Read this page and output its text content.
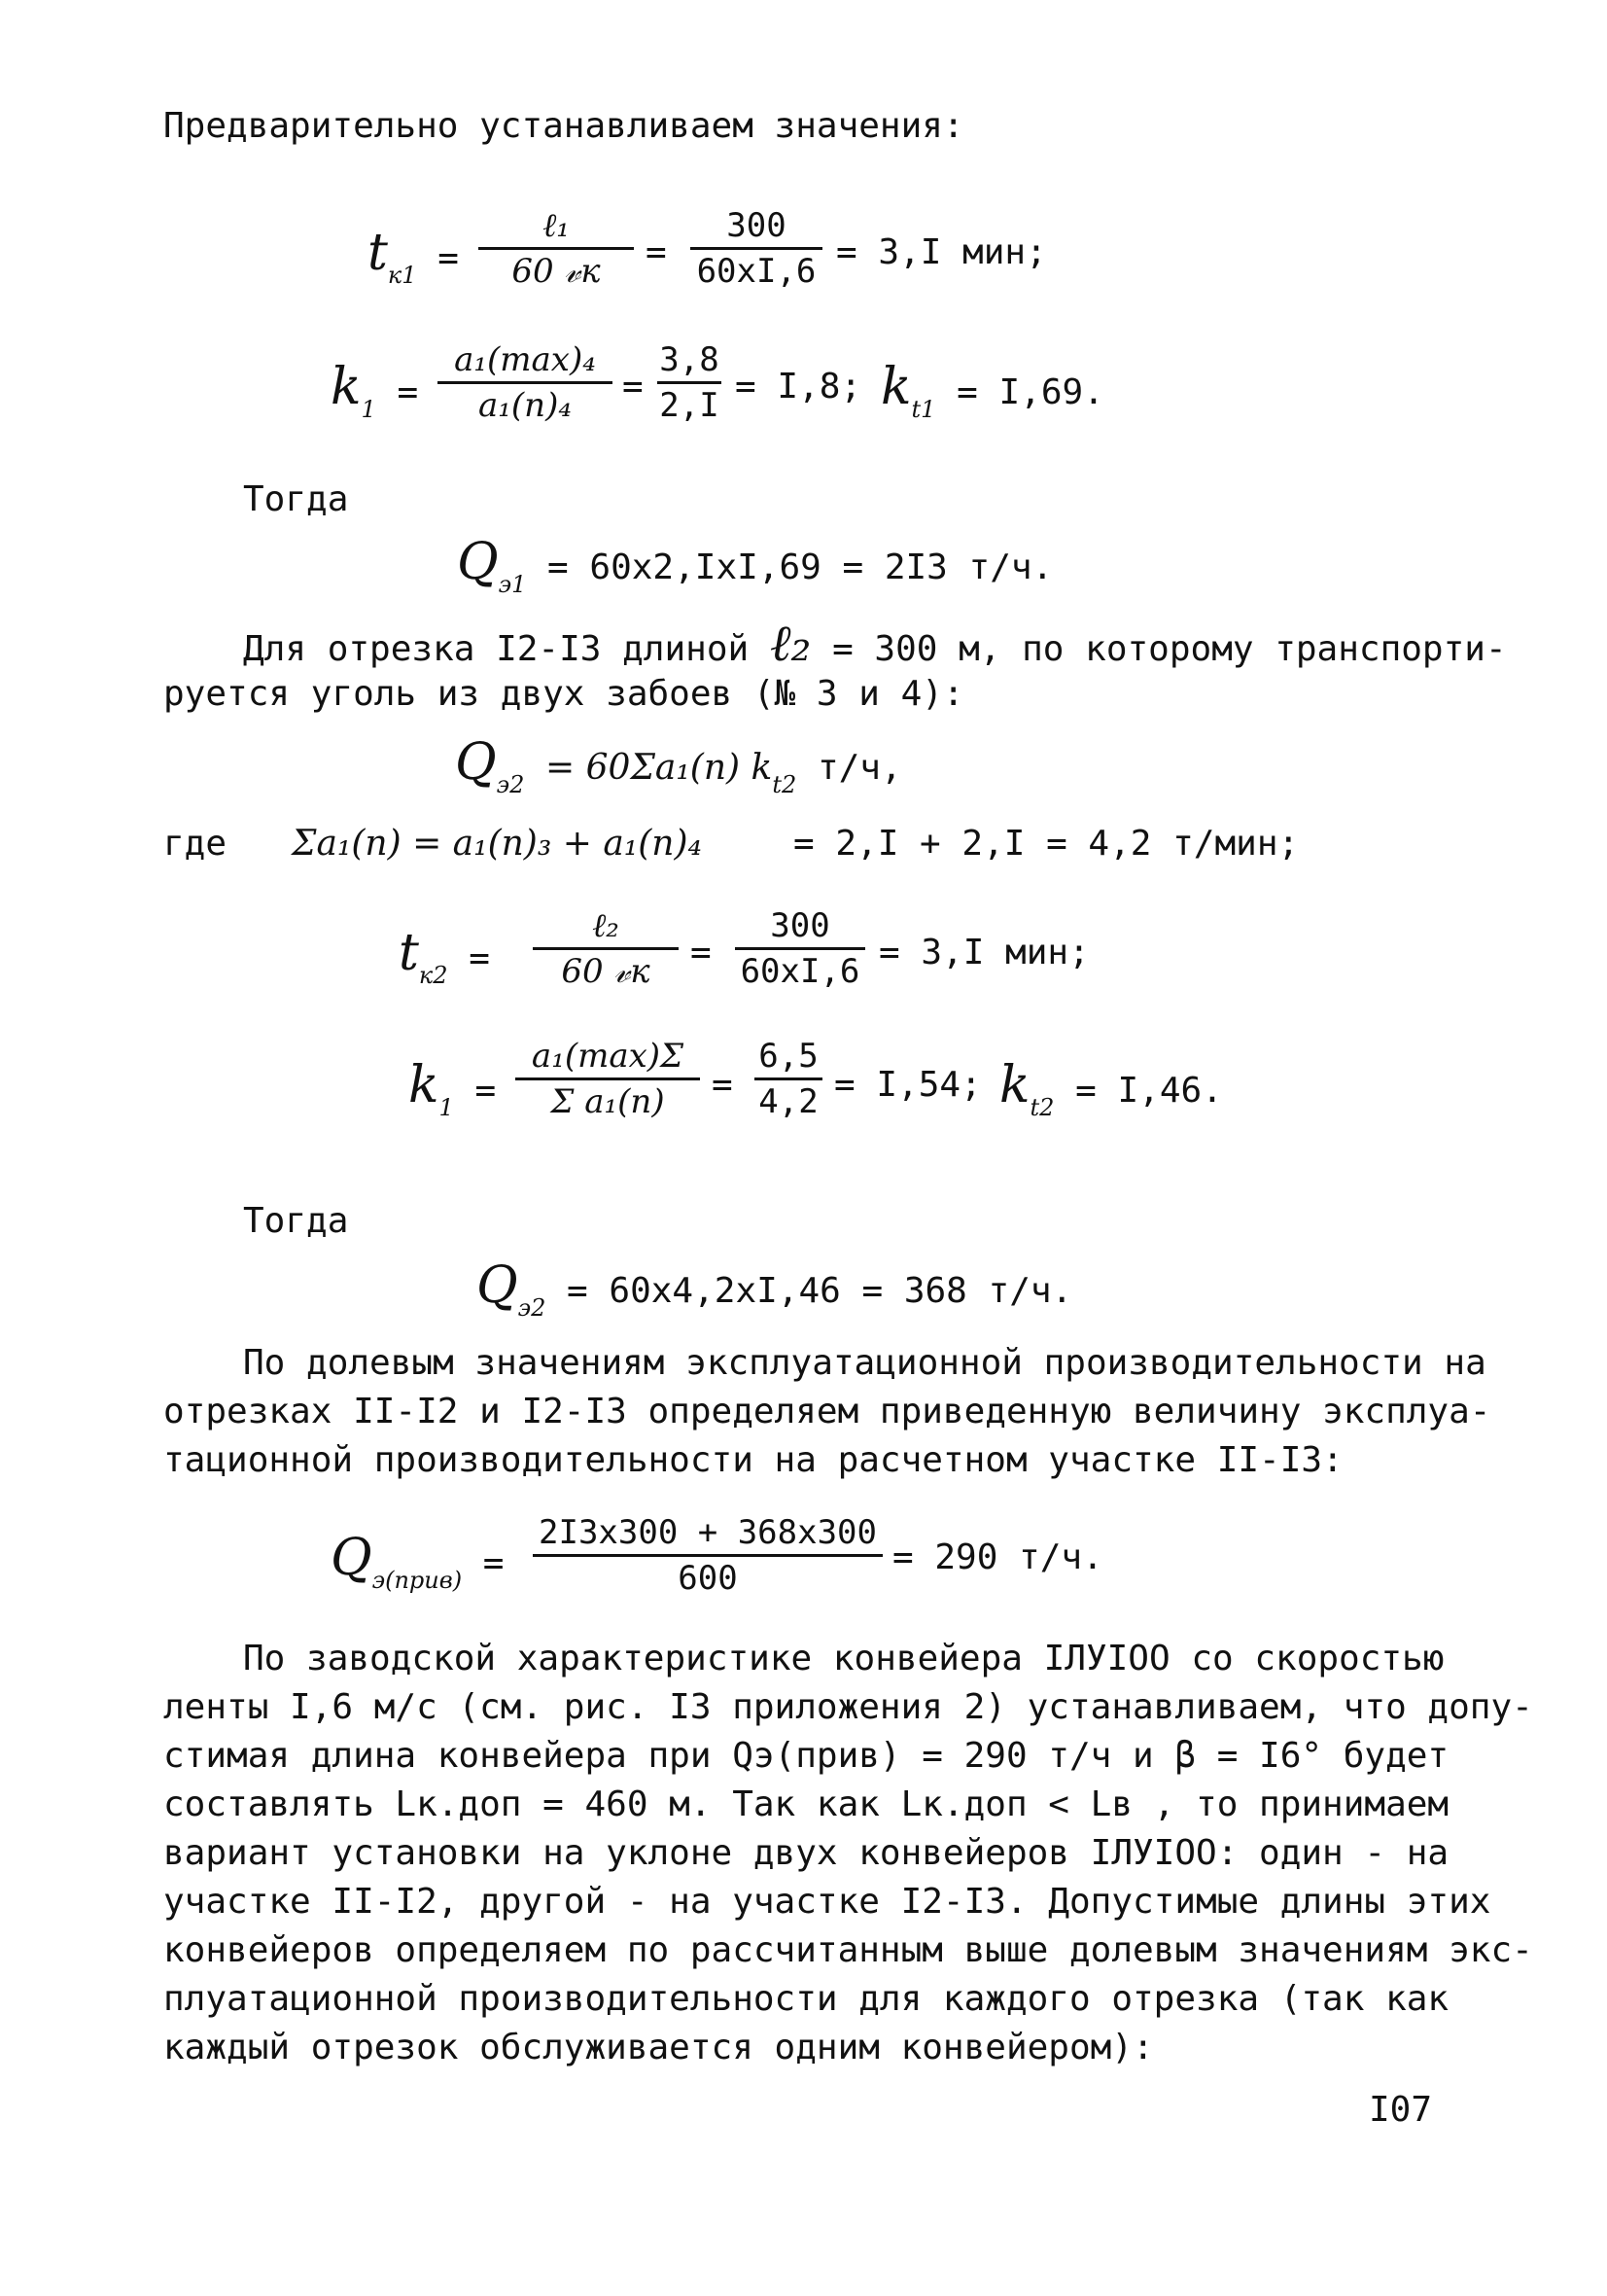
Предварительно устанавливаем значения:
$t_{к1}$ =
ℓ₁
60 𝓋к	=
300
60xI,6 = 3,I мин;
$k_1$ =
a₁(max)₄
a₁(п)₄	=
3,8
2,I = I,8; $k_{t1} = I,69$.
Тогда
$Q_{э1} = 60x2,IxI,69 = 2I3$ т/ч.
Для отрезка I2-I3 длиной ℓ₂ = 300 м, по которому транспорти-
руется уголь из двух забоев (№ 3 и 4):
$Q_{э2} = 60\Sigma a_1(п)$ $k_{t2}$ т/ч,
где Σa₁(п) = a₁(п)₃ + a₁(п)₄	= 2,I + 2,I = 4,2 т/мин;
$t_{к2}$ =
ℓ₂
60 𝓋к	=
300
60xI,6 = 3,I мин;
$k_1$ =
a₁(max)Σ
Σ a₁(п)	=
6,5
4,2 = I,54; $k_{t2} = I,46$.
Тогда
$Q_{э2} = 60x4,2xI,46 = 368$ т/ч.
По долевым значениям эксплуатационной производительности на
отрезках II-I2 и I2-I3 определяем приведенную величину эксплуа-
тационной производительности на расчетном участке II-I3:
$Q_{э(прив)}$ =
2I3x300 + 368x300
600
= 290 т/ч.
По заводской характеристике конвейера IЛУIOO со скоростью
ленты I,6 м/с (см. рис. I3 приложения 2) устанавливаем, что допу-
стимая длина конвейера при Qэ(прив) = 290 т/ч и β = I6° будет
составлять Lк.доп = 460 м. Так как Lк.доп < Lв , то принимаем
вариант установки на уклоне двух конвейеров IЛУIOO: один - на
участке II-I2, другой - на участке I2-I3. Допустимые длины этих
конвейеров определяем по рассчитанным выше долевым значениям экс-
плуатационной производительности для каждого отрезка (так как
каждый отрезок обслуживается одним конвейером):
I07
